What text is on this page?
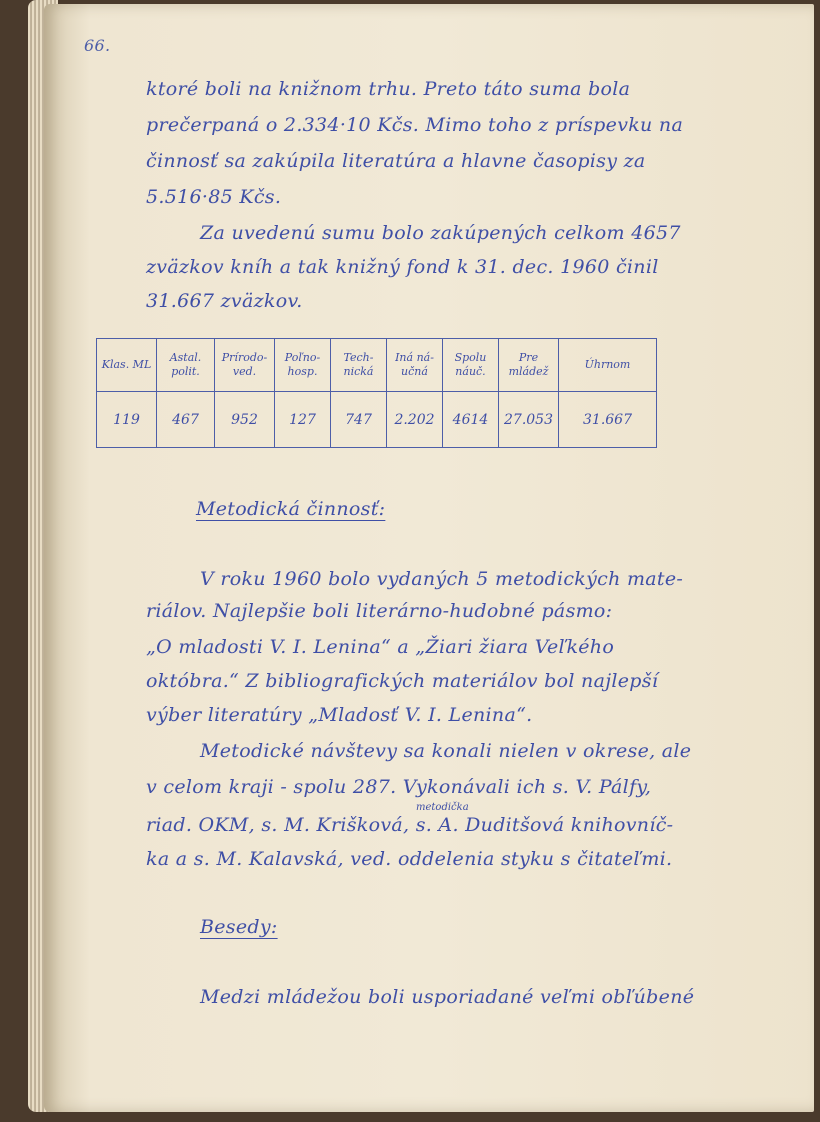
66.
ktoré boli na knižnom trhu. Preto táto suma bola
prečerpaná o 2.334·10 Kčs. Mimo toho z príspevku na
činnosť sa zakúpila literatúra a hlavne časopisy za
5.516·85 Kčs.
Za uvedenú sumu bolo zakúpených celkom 4657
zväzkov kníh a tak knižný fond k 31. dec. 1960 činil
31.667 zväzkov.
Klas. ML	Astal. polit.	Prírodo-ved.	Poľno-hosp.	Tech-nická	Iná ná-učná	Spolu náuč.	Pre mládež	Úhrnom
119	467	952	127	747	2.202	4614	27.053	31.667
Metodická činnosť:
V roku 1960 bolo vydaných 5 metodických mate-
riálov. Najlepšie boli literárno-hudobné pásmo:
„O mladosti V. I. Lenina“ a „Žiari žiara Veľkého
októbra.“ Z bibliografických materiálov bol najlepší
výber literatúry „Mladosť V. I. Lenina“.
Metodické návštevy sa konali nielen v okrese, ale
v celom kraji - spolu 287. Vykonávali ich s. V. Pálfy,
metodička
riad. OKM, s. M. Krišková, s. A. Duditšová knihovníč-
ka a s. M. Kalavská, ved. oddelenia styku s čitateľmi.
Besedy:
Medzi mládežou boli usporiadané veľmi obľúbené
